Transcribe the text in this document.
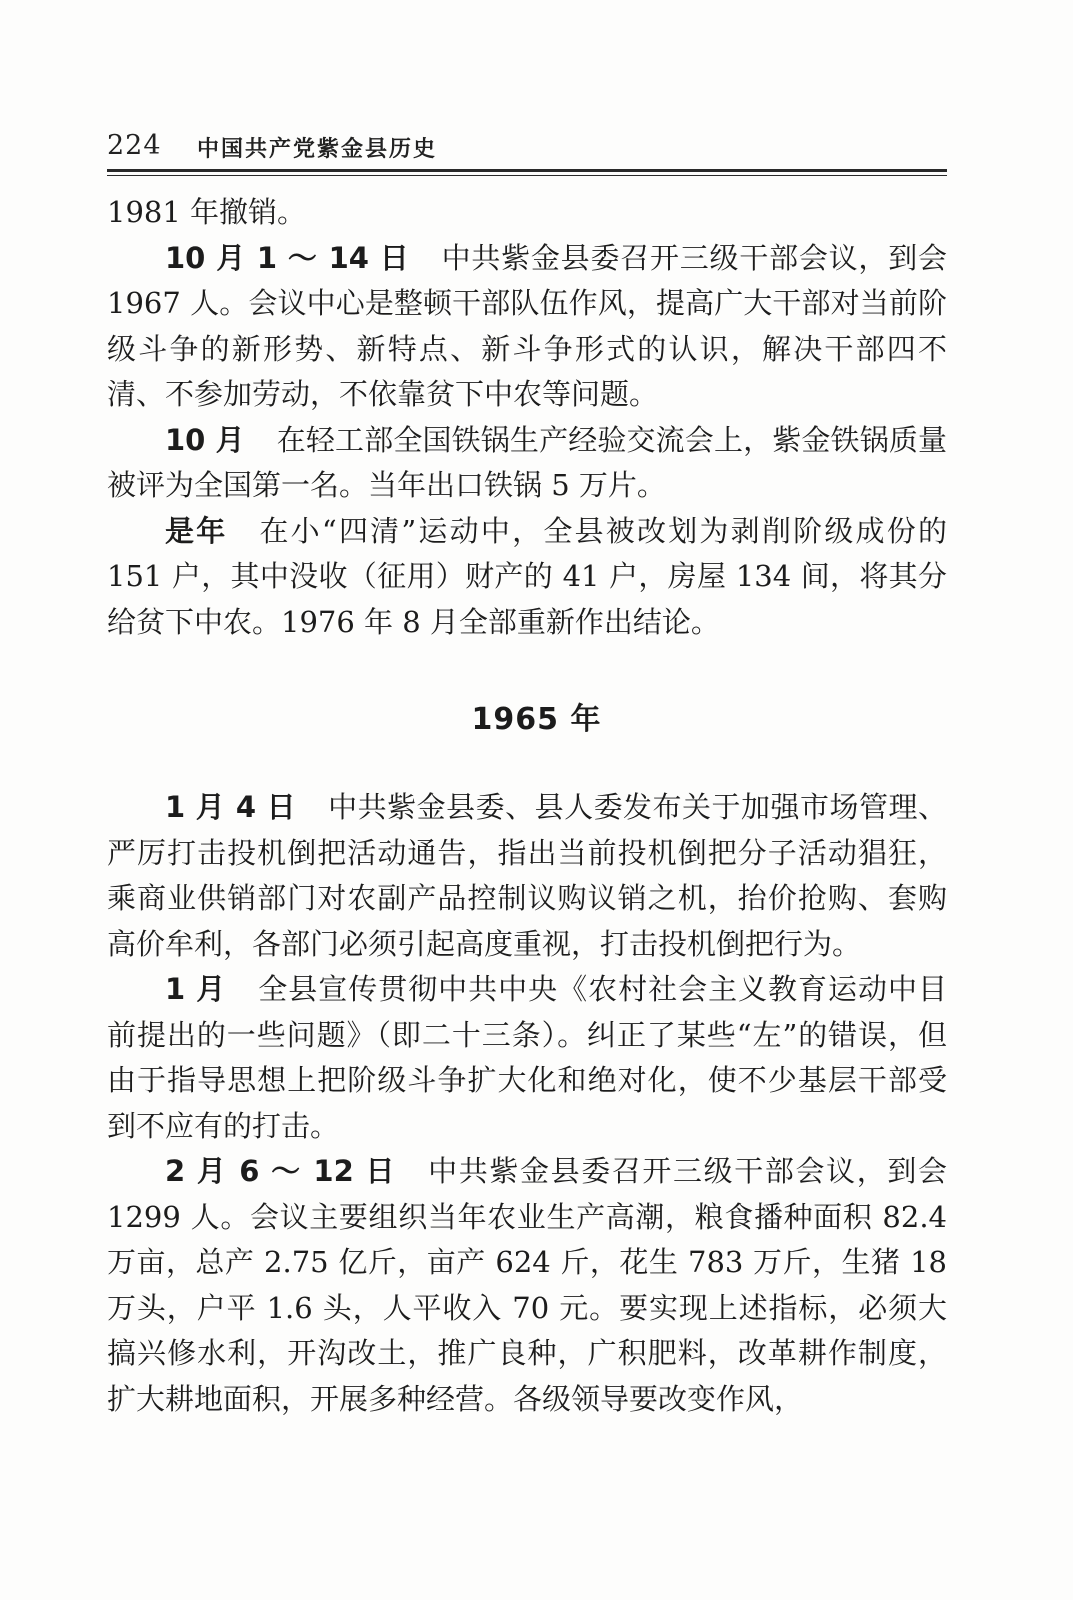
224 中国共产党紫金县历史

1981 年撤销。

10 月 1 ～ 14 日 中共紫金县委召开三级干部会议，到会 1967 人。会议中心是整顿干部队伍作风，提高广大干部对当前阶级斗争的新形势、新特点、新斗争形式的认识，解决干部四不清、不参加劳动，不依靠贫下中农等问题。

10 月 在轻工部全国铁锅生产经验交流会上，紫金铁锅质量被评为全国第一名。当年出口铁锅 5 万片。

是年 在小“四清”运动中，全县被改划为剥削阶级成份的 151 户，其中没收（征用）财产的 41 户，房屋 134 间，将其分给贫下中农。1976 年 8 月全部重新作出结论。

1965 年

1 月 4 日 中共紫金县委、县人委发布关于加强市场管理、严厉打击投机倒把活动通告，指出当前投机倒把分子活动猖狂，乘商业供销部门对农副产品控制议购议销之机，抬价抢购、套购高价牟利，各部门必须引起高度重视，打击投机倒把行为。

1 月 全县宣传贯彻中共中央《农村社会主义教育运动中目前提出的一些问题》（即二十三条）。纠正了某些“左”的错误，但由于指导思想上把阶级斗争扩大化和绝对化，使不少基层干部受到不应有的打击。

2 月 6 ～ 12 日 中共紫金县委召开三级干部会议，到会 1299 人。会议主要组织当年农业生产高潮，粮食播种面积 82.4 万亩，总产 2.75 亿斤，亩产 624 斤，花生 783 万斤，生猪 18 万头，户平 1.6 头，人平收入 70 元。要实现上述指标，必须大搞兴修水利，开沟改土，推广良种，广积肥料，改革耕作制度，扩大耕地面积，开展多种经营。各级领导要改变作风，
